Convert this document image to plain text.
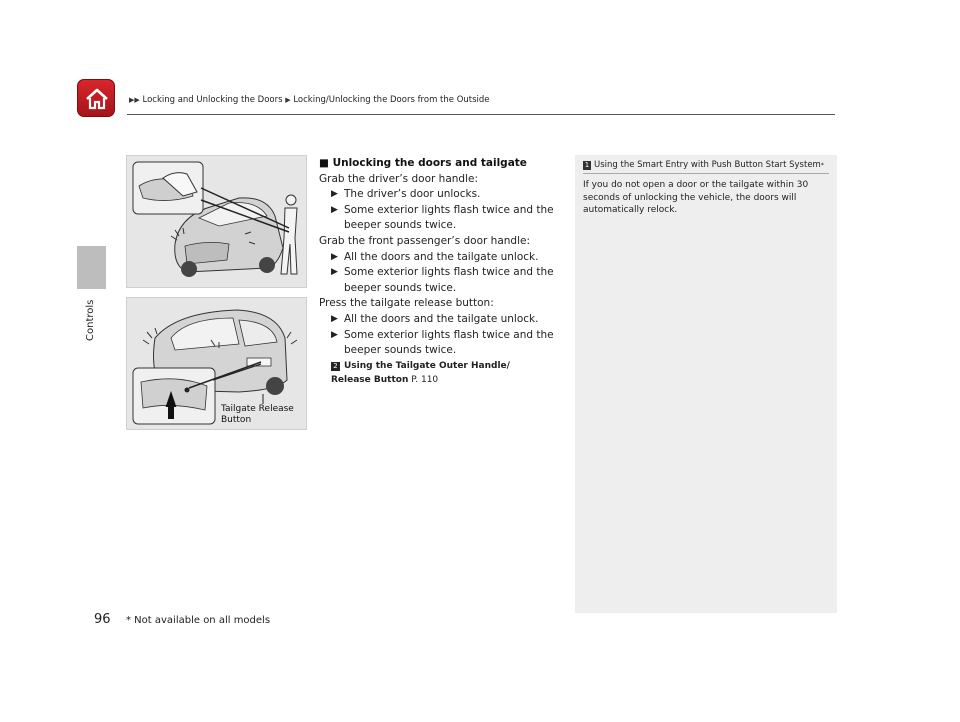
▶▶ Locking and Unlocking the Doors ▶ Locking/Unlocking the Doors from the Outside
Controls
Tailgate Release
Button
■ Unlocking the doors and tailgate
Grab the driver’s door handle:
▶ The driver’s door unlocks.
▶ Some exterior lights flash twice and the beeper sounds twice.
Grab the front passenger’s door handle:
▶ All the doors and the tailgate unlock.
▶ Some exterior lights flash twice and the beeper sounds twice.
Press the tailgate release button:
▶ All the doors and the tailgate unlock.
▶ Some exterior lights flash twice and the beeper sounds twice.
2 Using the Tailgate Outer Handle/
Release Button P. 110
1 Using the Smart Entry with Push Button Start System *
If you do not open a door or the tailgate within 30 seconds of unlocking the vehicle, the doors will automatically relock.
96 * Not available on all models
